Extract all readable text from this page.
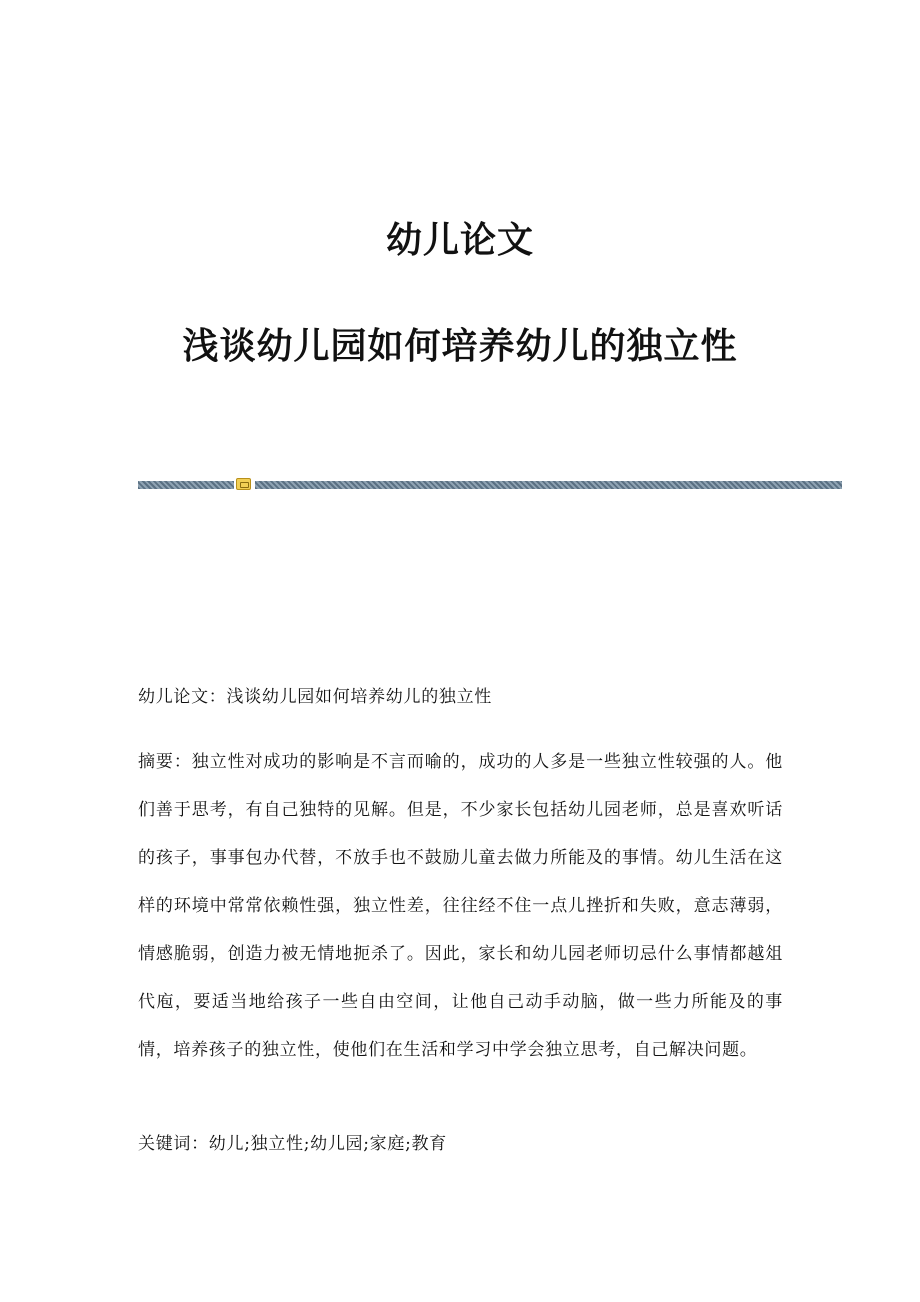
幼儿论文
浅谈幼儿园如何培养幼儿的独立性
幼儿论文：浅谈幼儿园如何培养幼儿的独立性
摘要：独立性对成功的影响是不言而喻的，成功的人多是一些独立性较强的人。他们善于思考，有自己独特的见解。但是，不少家长包括幼儿园老师，总是喜欢听话的孩子，事事包办代替，不放手也不鼓励儿童去做力所能及的事情。幼儿生活在这样的环境中常常依赖性强，独立性差，往往经不住一点儿挫折和失败，意志薄弱，情感脆弱，创造力被无情地扼杀了。因此，家长和幼儿园老师切忌什么事情都越俎代庖，要适当地给孩子一些自由空间，让他自己动手动脑，做一些力所能及的事情，培养孩子的独立性，使他们在生活和学习中学会独立思考，自己解决问题。
关键词：幼儿;独立性;幼儿园;家庭;教育
